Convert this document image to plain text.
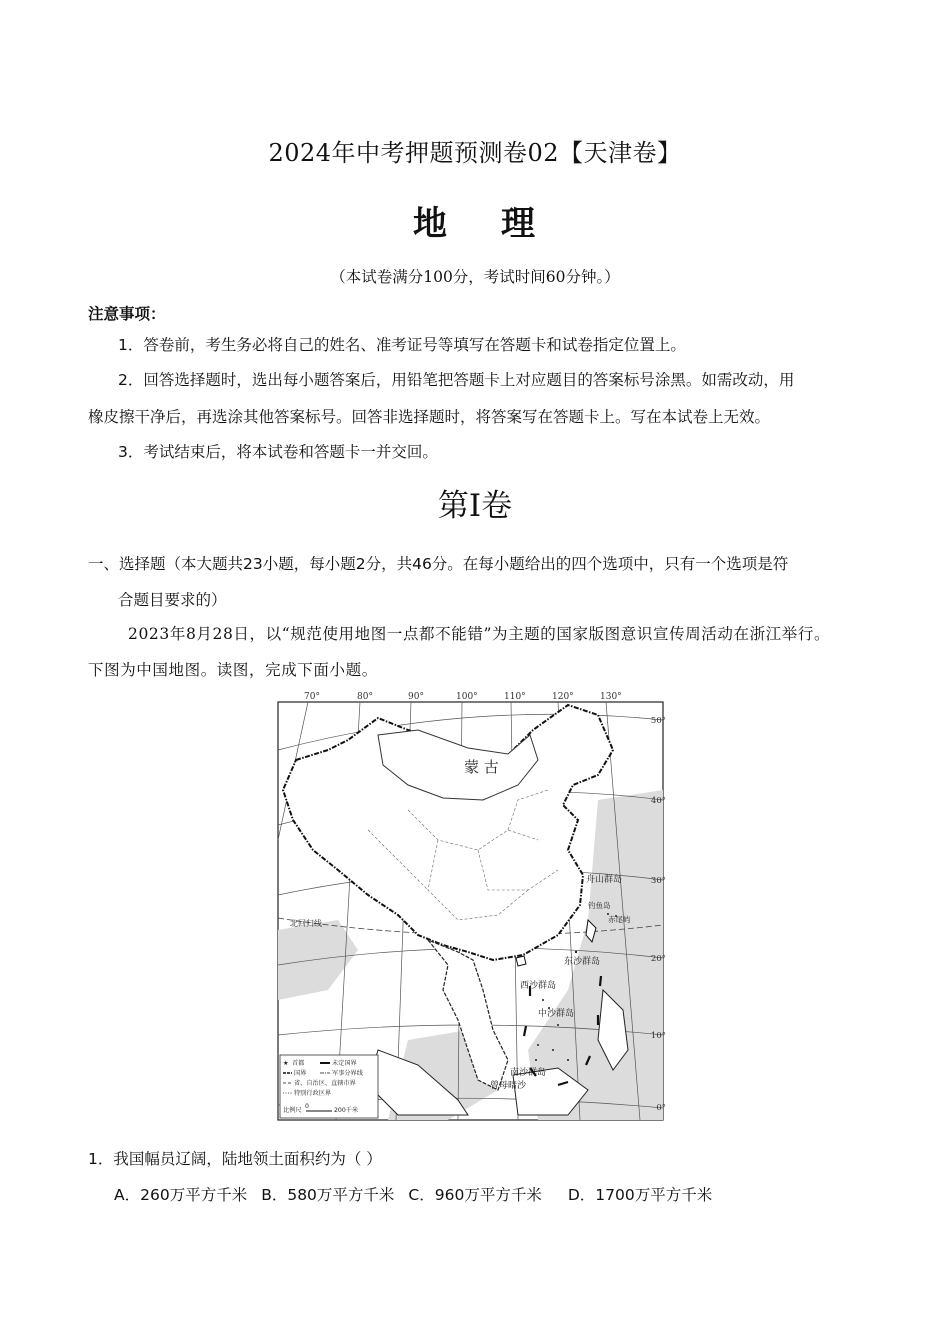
2024年中考押题预测卷02【天津卷】
地 理
（本试卷满分100分，考试时间60分钟。）
注意事项：
1．答卷前，考生务必将自己的姓名、准考证号等填写在答题卡和试卷指定位置上。
2．回答选择题时，选出每小题答案后，用铅笔把答题卡上对应题目的答案标号涂黑。如需改动，用
橡皮擦干净后，再选涂其他答案标号。回答非选择题时，将答案写在答题卡上。写在本试卷上无效。
3．考试结束后，将本试卷和答题卡一并交回。
第Ⅰ卷
一、选择题（本大题共23小题，每小题2分，共46分。在每小题给出的四个选项中，只有一个选项是符
合题目要求的）
2023年8月28日，以“规范使用地图一点都不能错”为主题的国家版图意识宣传周活动在浙江举行。
下图为中国地图。读图，完成下面小题。
70°	80°	90°	100°	110°	120°	130°
50°
40°
30°
20°
10°
0°
蒙 古
北回归线
舟山群岛
钓鱼岛
赤尾屿
东沙群岛
西沙群岛
中沙群岛
南沙群岛
曾母暗沙
★ 首都	未定国界
国界	军事分界线
省、自治区、直辖市界
特别行政区界
比例尺
0
200千米
1．我国幅员辽阔，陆地领土面积约为（ ）
A．260万平方千米 B．580万平方千米 C．960万平方千米 D．1700万平方千米
